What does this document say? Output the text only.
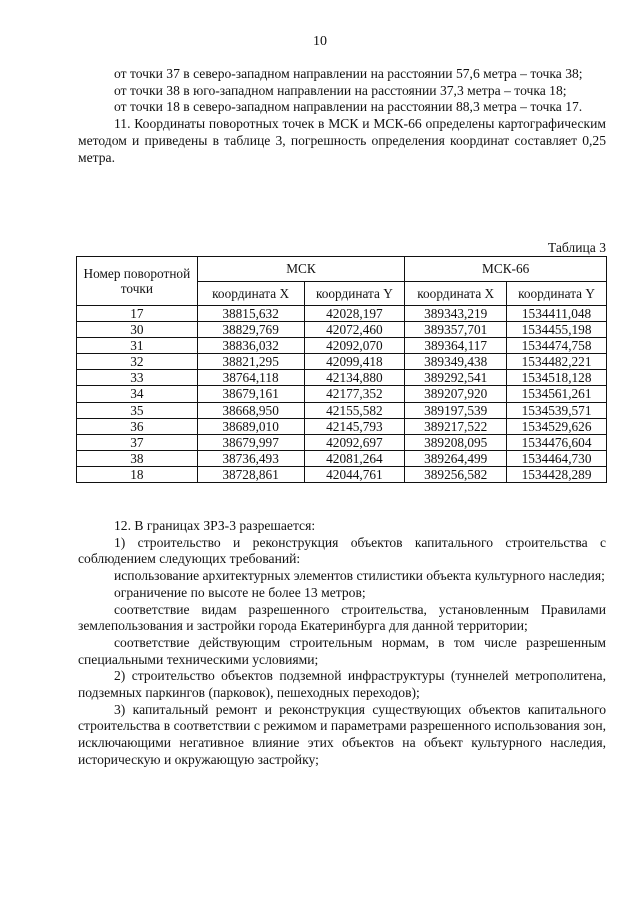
10

от точки 37 в северо-западном направлении на расстоянии 57,6 метра – точка 38;

от точки 38 в юго-западном направлении на расстоянии 37,3 метра – точка 18;

от точки 18 в северо-западном направлении на расстоянии 88,3 метра – точка 17.

11. Координаты поворотных точек в МСК и МСК-66 определены картографическим методом и приведены в таблице 3, погрешность определения координат составляет 0,25 метра.

Таблица 3
Номер поворотной точки	МСК		МСК-66	
	координата X	координата Y	координата X	координата Y
17	38815,632	42028,197	389343,219	1534411,048
30	38829,769	42072,460	389357,701	1534455,198
31	38836,032	42092,070	389364,117	1534474,758
32	38821,295	42099,418	389349,438	1534482,221
33	38764,118	42134,880	389292,541	1534518,128
34	38679,161	42177,352	389207,920	1534561,261
35	38668,950	42155,582	389197,539	1534539,571
36	38689,010	42145,793	389217,522	1534529,626
37	38679,997	42092,697	389208,095	1534476,604
38	38736,493	42081,264	389264,499	1534464,730
18	38728,861	42044,761	389256,582	1534428,289

12. В границах ЗРЗ-3 разрешается:

1) строительство и реконструкция объектов капитального строительства с соблюдением следующих требований:

использование архитектурных элементов стилистики объекта культурного наследия;

ограничение по высоте не более 13 метров;

соответствие видам разрешенного строительства, установленным Правилами землепользования и застройки города Екатеринбурга для данной территории;

соответствие действующим строительным нормам, в том числе разрешенным специальными техническими условиями;

2) строительство объектов подземной инфраструктуры (туннелей метрополитена, подземных паркингов (парковок), пешеходных переходов);

3) капитальный ремонт и реконструкция существующих объектов капитального строительства в соответствии с режимом и параметрами разрешенного использования зон, исключающими негативное влияние этих объектов на объект культурного наследия, историческую и окружающую застройку;
